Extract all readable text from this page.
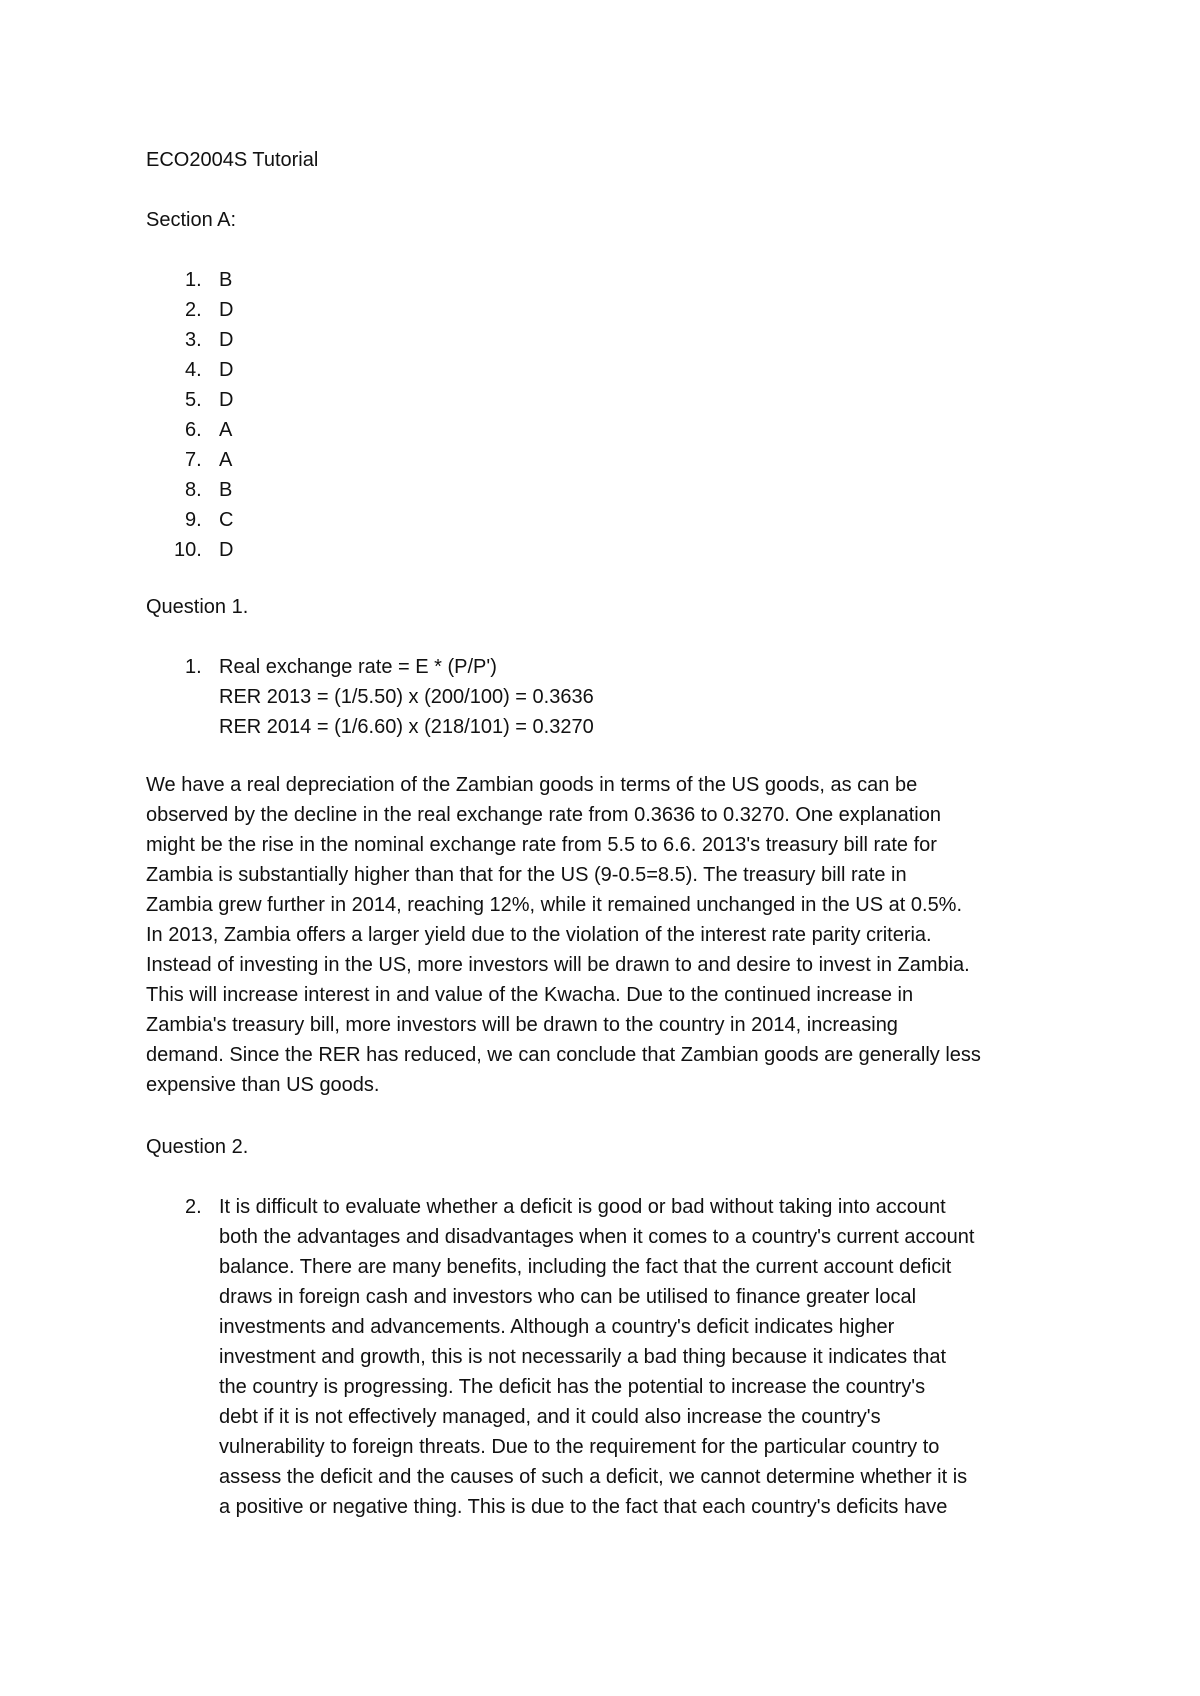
ECO2004S Tutorial

Section A:

1. B
2. D
3. D
4. D
5. D
6. A
7. A
8. B
9. C
10. D

Question 1.

1. Real exchange rate = E * (P/P')
RER 2013 = (1/5.50) x (200/100) = 0.3636
RER 2014 = (1/6.60) x (218/101) = 0.3270
We have a real depreciation of the Zambian goods in terms of the US goods, as can be
observed by the decline in the real exchange rate from 0.3636 to 0.3270. One explanation
might be the rise in the nominal exchange rate from 5.5 to 6.6. 2013's treasury bill rate for
Zambia is substantially higher than that for the US (9-0.5=8.5). The treasury bill rate in
Zambia grew further in 2014, reaching 12%, while it remained unchanged in the US at 0.5%.
In 2013, Zambia offers a larger yield due to the violation of the interest rate parity criteria.
Instead of investing in the US, more investors will be drawn to and desire to invest in Zambia.
This will increase interest in and value of the Kwacha. Due to the continued increase in
Zambia's treasury bill, more investors will be drawn to the country in 2014, increasing
demand. Since the RER has reduced, we can conclude that Zambian goods are generally less
expensive than US goods.

Question 2.

2. It is difficult to evaluate whether a deficit is good or bad without taking into account
both the advantages and disadvantages when it comes to a country's current account
balance. There are many benefits, including the fact that the current account deficit
draws in foreign cash and investors who can be utilised to finance greater local
investments and advancements. Although a country's deficit indicates higher
investment and growth, this is not necessarily a bad thing because it indicates that
the country is progressing. The deficit has the potential to increase the country's
debt if it is not effectively managed, and it could also increase the country's
vulnerability to foreign threats. Due to the requirement for the particular country to
assess the deficit and the causes of such a deficit, we cannot determine whether it is
a positive or negative thing. This is due to the fact that each country's deficits have
